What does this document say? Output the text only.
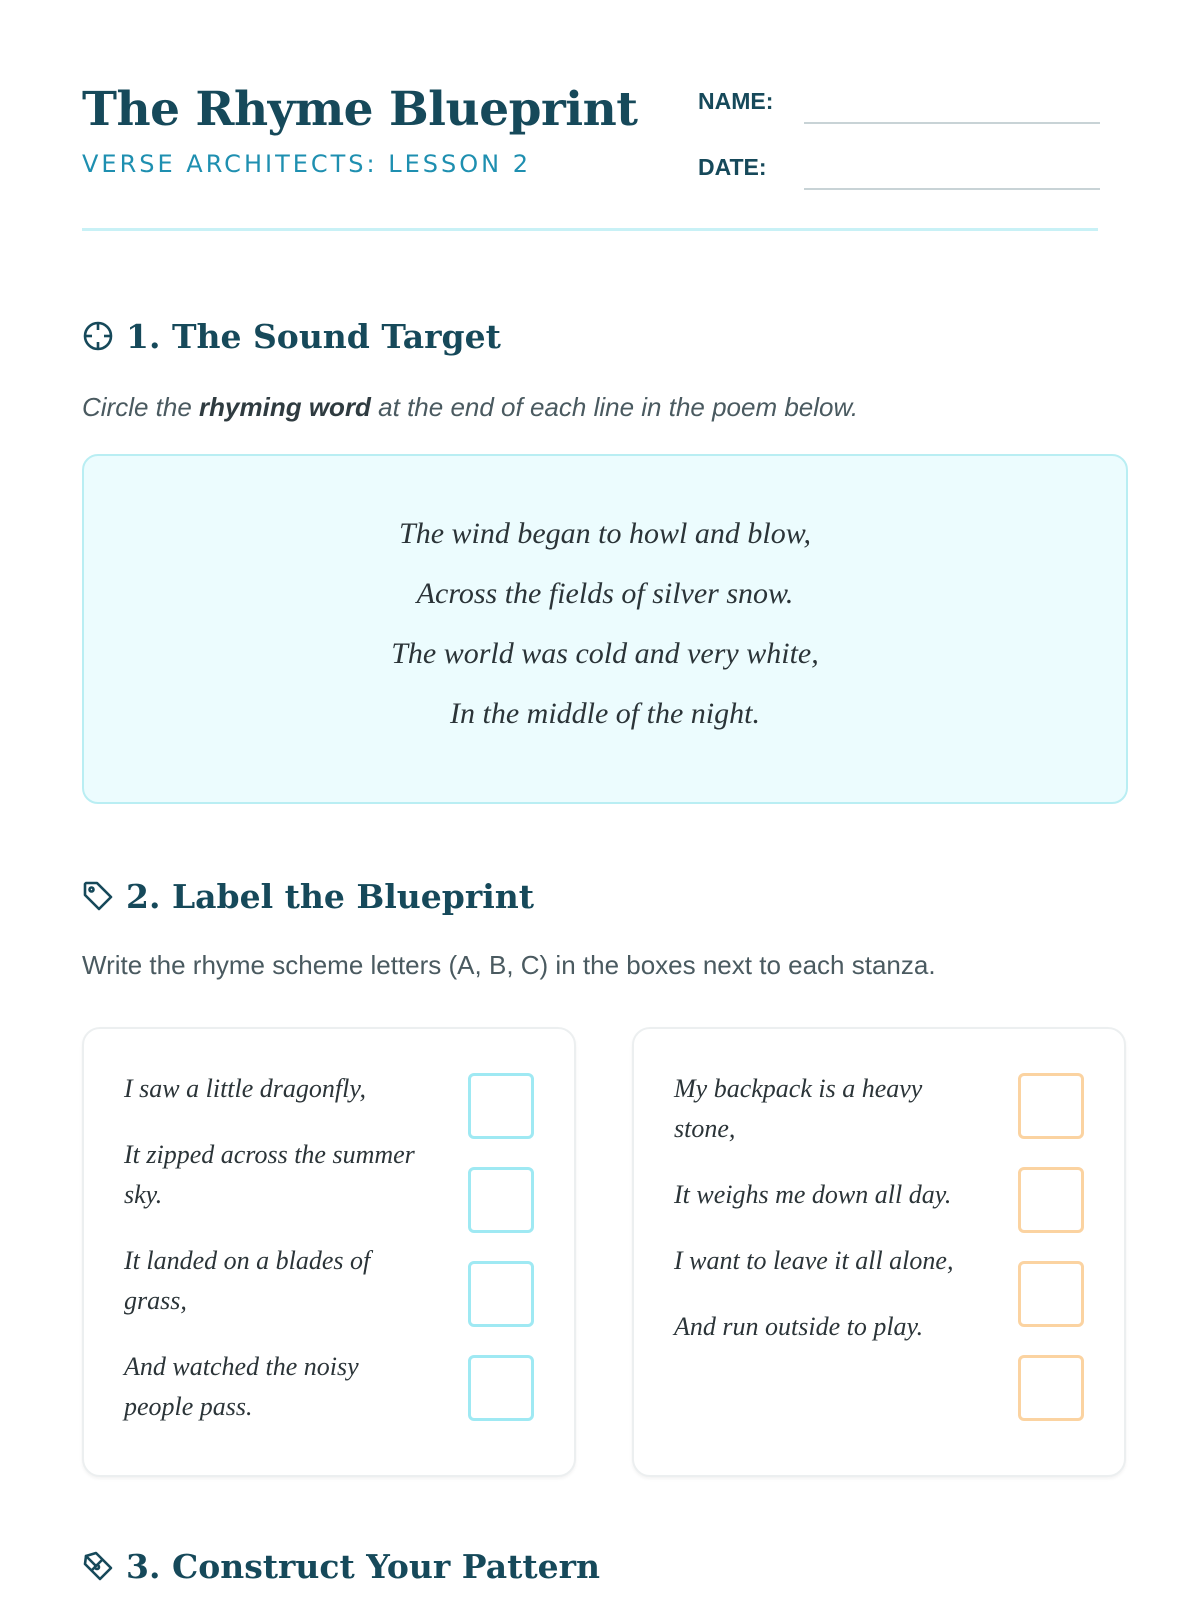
The Rhyme Blueprint
VERSE ARCHITECTS: LESSON 2
NAME:
DATE:
1. The Sound Target
Circle the rhyming word at the end of each line in the poem below.
The wind began to howl and blow,
Across the fields of silver snow.
The world was cold and very white,
In the middle of the night.
2. Label the Blueprint
Write the rhyme scheme letters (A, B, C) in the boxes next to each stanza.
I saw a little dragonfly,
It zipped across the summer sky.
It landed on a blades of grass,
And watched the noisy people pass.
My backpack is a heavy stone,
It weighs me down all day.
I want to leave it all alone,
And run outside to play.
3. Construct Your Pattern
